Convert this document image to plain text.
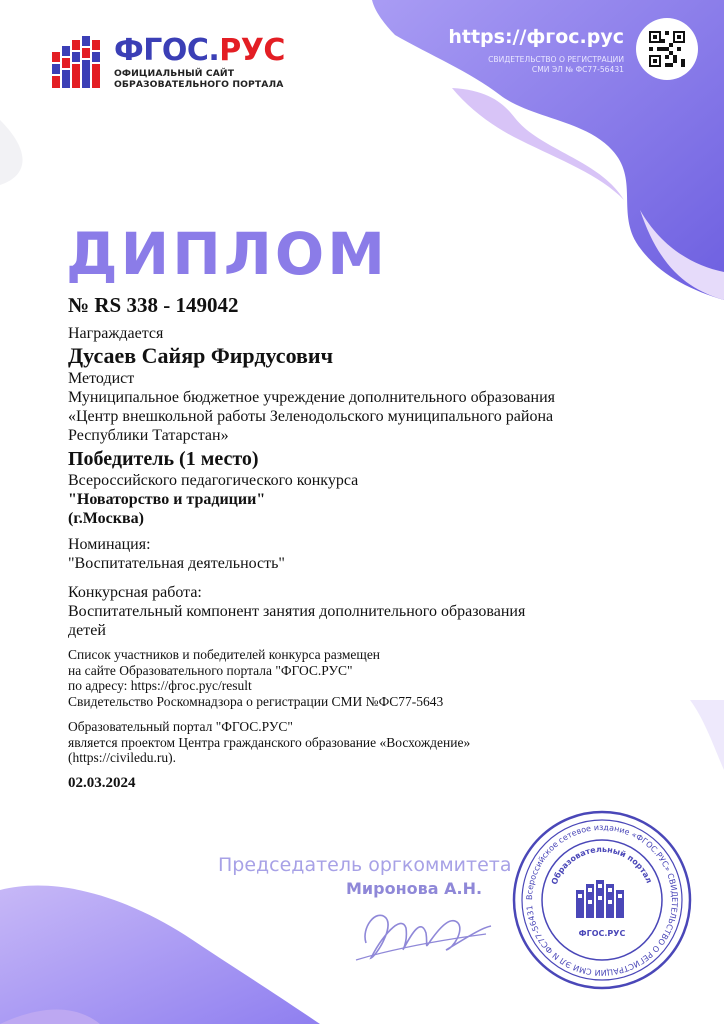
ФГОС.РУС
ОФИЦИАЛЬНЫЙ САЙТ
ОБРАЗОВАТЕЛЬНОГО ПОРТАЛА
https://фгос.рус
СВИДЕТЕЛЬСТВО О РЕГИСТРАЦИИ
СМИ ЭЛ № ФС77-56431
ДИПЛОМ
№ RS 338 - 149042
Награждается
Дусаев Сайяр Фирдусович
Методист
Муниципальное бюджетное учреждение дополнительного образования
«Центр внешкольной работы Зеленодольского муниципального района
Республики Татарстан»
Победитель (1 место)
Всероссийского педагогического конкурса
"Новаторство и традиции"
(г.Москва)
Номинация:
"Воспитательная деятельность"
Конкурсная работа:
Воспитательный компонент занятия дополнительного образования
детей
Список участников и победителей конкурса размещен
на сайте Образовательного портала "ФГОС.РУС"
по адресу: https://фгос.рус/result
Свидетельство Роскомнадзора о регистрации СМИ №ФС77-5643
Образовательный портал "ФГОС.РУС"
является проектом Центра гражданского образование «Восхождение»
(https://civiledu.ru).
02.03.2024
Председатель оргкоммитета
Миронова А.Н.	Всероссийское сетевое издание «ФГОС.РУС» СВИДЕТЕЛЬСТВО О РЕГИСТРАЦИИ СМИ ЭЛ N ФС77-56431
Образовательный портал
ФГОС.РУС
